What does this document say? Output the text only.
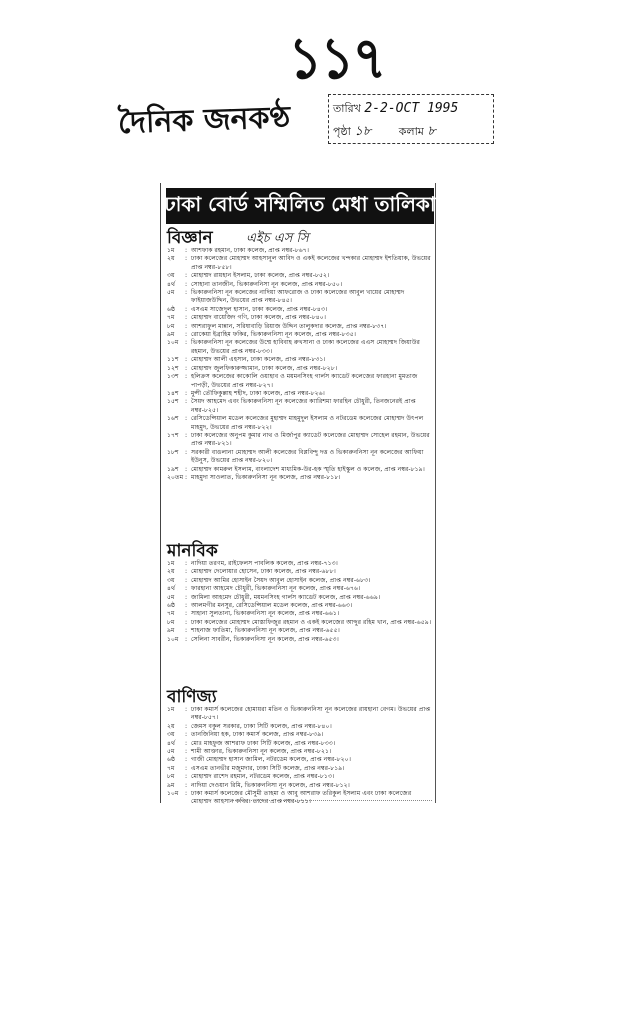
১১৭
দৈনিক জনকণ্ঠ	তারিখ 2-2-OCT 1995
পৃষ্ঠা ১৮	কলাম ৮
ঢাকা বোর্ড সম্মিলিত মেধা তালিকা
বিজ্ঞান	এইচ এস সি
১ম	: আশফাক রহমান, ঢাকা কলেজ, প্রাপ্ত নম্বর-৮৬৭।
২য়	: ঢাকা কলেজের মোহাম্মদ আহসানুল আবিদ ও একই কলেজের খন্দকার মোহাম্মদ ইশতিয়াক, উভয়ের প্রাপ্ত নম্বর-৮৫৮।
৩য়	: মোহাম্মদ রায়হান ইসলাম, ঢাকা কলেজ, প্রাপ্ত নম্বর-৮৫২।
৪র্থ	: সোহানা তানজীন, ভিকারুননিসা নূন কলেজ, প্রাপ্ত নম্বর-৮৫০।
৫ম	: ভিকারুননিসা নূন কলেজের নাদিয়া আফরোজ ও ঢাকা কলেজের আবুল খায়ের মোহাম্মদ ফাইয়াজউদ্দিন, উভয়ের প্রাপ্ত নম্বর-৮৪৫।
৬ষ্ঠ	: এসএম সাজেদুল হাসান, ঢাকা কলেজ, প্রাপ্ত নম্বর-৮৪৩।
৭ম	: মোহাম্মদ বায়েজিদ গণি, ঢাকা কলেজ, প্রাপ্ত নম্বর-৮৪০।
৮ম	: আশরাফুল মান্নান, সরিষাবাড়ি রিয়াজ উদ্দিন তালুকদার কলেজ, প্রাপ্ত নম্বর-৮৩৭।
৯ম	: রোকেয়া ইব্রাহিম ফকির, ভিকারুননিসা নূন কলেজ, প্রাপ্ত নম্বর-৮৩৫।
১০ম	: ভিকারুননিসা নূন কলেজের উম্মে হাবিবাহ রুখসানা ও ঢাকা কলেজের এএস মোহাম্মদ জিয়াউর রহমান, উভয়ের প্রাপ্ত নম্বর-৮৩৩।
১১শ	: মোহাম্মদ আলী এহসান, ঢাকা কলেজ, প্রাপ্ত নম্বর-৮৩১।
১২শ	: মোহাম্মদ জুলফিকারুজ্জামান, ঢাকা কলেজ, প্রাপ্ত নম্বর-৮২৮।
১৩শ	: হলিক্রস কলেজের কাকোলি ওয়াহাব ও ময়মনসিংহ গার্লস ক্যাডেট কলেজের ফারহানা মুমতাজ পাপড়ী, উভয়ের প্রাপ্ত নম্বর-৮২৭।
১৪শ	: মুন্সী তৌফিকুল্লাহ শহীদ, ঢাকা কলেজ, প্রাপ্ত নম্বর-৮২৬।
১৫শ	: সৈয়দ আহমেদ এবং ভিকারুননিসা নূন কলেজের ক্যারিশমা ফারহিন চৌধুরী, তিনজনেরই প্রাপ্ত নম্বর-৮২৫।
১৬শ	: রেসিডেন্সিয়াল মডেল কলেজের মুহাম্মদ মাহমুদুল ইসলাম ও নটরডেম কলেজের মোহাম্মদ উৎপল মাহমুদ, উভয়ের প্রাপ্ত নম্বর-৮২২।
১৭শ	: ঢাকা কলেজের অনুপম কুমার নাথ ও মির্জাপুর ক্যাডেট কলেজের মোহাম্মদ সোহেল রহমান, উভয়ের প্রাপ্ত নম্বর-৮২১।
১৮শ	: সরকারী বাঙলানা মোহাম্মদ আলী কলেজের বিপ্লবিন্দু দত্ত ও ভিকারুননিসা নূন কলেজের আফিয়া ইউনুস, উভয়ের প্রাপ্ত নম্বর-৮২০।
১৯শ	: মোহাম্মদ কামরুল ইসলাম, বাংলাদেশ মাধ্যমিক-উর-হক স্মৃতি হাইস্কুল ও কলেজ, প্রাপ্ত নম্বর-৮১৯।
২০তম : মাহমুদা সাওলাত, ভিকারুননিসা নূন কলেজ, প্রাপ্ত নম্বর-৮১৮।
মানবিক
১ম	: নাদিয়া তরণম, রাইফেলস পাবলিক কলেজ, প্রাপ্ত নম্বর-৭১৩।
২য়	: মোহাম্মদ দেলোয়ার হোসেন, ঢাকা কলেজ, প্রাপ্ত নম্বর-৬৮৮।
৩য়	: মোহাম্মদ আমির হোসাইন সৈয়দ আবুল হোসাইন কলেজ, প্রাপ্ত নম্বর-৬৮৩।
৪র্থ	: ফারহানা আহমেদ চৌধুরী, ভিকারুননিসা নূন কলেজ, প্রাপ্ত নম্বর-৬৭৬।
৫ম	: জামিলা আহমেদ চৌধুরী, ময়মনসিংহ গার্লস ক্যাডেট কলেজ, প্রাপ্ত নম্বর-৬৬৯।
৬ষ্ঠ	: আলমগীর মনসুর, রেসিডেন্সিয়াল মডেল কলেজ, প্রাপ্ত নম্বর-৬৬৩।
৭ম	: সাহানা সুলতানা, ভিকারুননিসা নূন কলেজ, প্রাপ্ত নম্বর-৬৬১।
৮ম	: ঢাকা কলেজের মোহাম্মদ মোস্তাফিজুর রহমান ও একই কলেজের আব্দুর রহিম খান, প্রাপ্ত নম্বর-৬৫৯।
৯ম	: শাহনাজ ফাতিমা, ভিকারুননিসা নূন কলেজ, প্রাপ্ত নম্বর-৬৫৫।
১০ম	: সেলিনা সাবরীন, ভিকারুননিসা নূন কলেজ, প্রাপ্ত নম্বর-৬৫৩।
বাণিজ্য
১ম	: ঢাকা কমার্স কলেজের হোমায়রা মতিন ও ভিকারুননিসা নূন কলেজের রায়হানা বেগম। উভয়ের প্রাপ্ত নম্বর-৮৫৭।
২য়	: জেমস বকুল সরকার, ঢাকা সিটি কলেজ, প্রাপ্ত নম্বর-৮৪০।
৩য়	: তানজিনিয়া হক, ঢাকা কমার্স কলেজ, প্রাপ্ত নম্বর-৮৩৯।
৪র্থ	: মোঃ মাহফুজ আশরাফ ঢাকা সিটি কলেজ, প্রাপ্ত নম্বর-৮৩৩।
৫ম	: শামী আক্তার, ভিকারুননিসা নূন কলেজ, প্রাপ্ত নম্বর-৮২১।
৬ষ্ঠ	: গাজী মোহাম্মদ হাসান জামিল, নটরডেম কলেজ, প্রাপ্ত নম্বর-৮২০।
৭ম	: এসএম তানভীর মজুমদার, ঢাকা সিটি কলেজ, প্রাপ্ত নম্বর-৮১৯।
৮ম	: মোহাম্মদ রাশেদ রহমান, নটরডেম কলেজ, প্রাপ্ত নম্বর-৮১৩।
৯ম	: নাদিয়া দেওয়ান রিমি, ভিকারুননিসা নূন কলেজ, প্রাপ্ত নম্বর-৮১২।
১০ম	: ঢাকা কমার্স কলেজের মৌসুমী তাহমা ও আবু আশরাফ তরিকুল ইসলাম এবং ঢাকা কলেজের মোহাম্মদ আহসান কবির। তাদের প্রাপ্ত নম্বর-৮১১।
